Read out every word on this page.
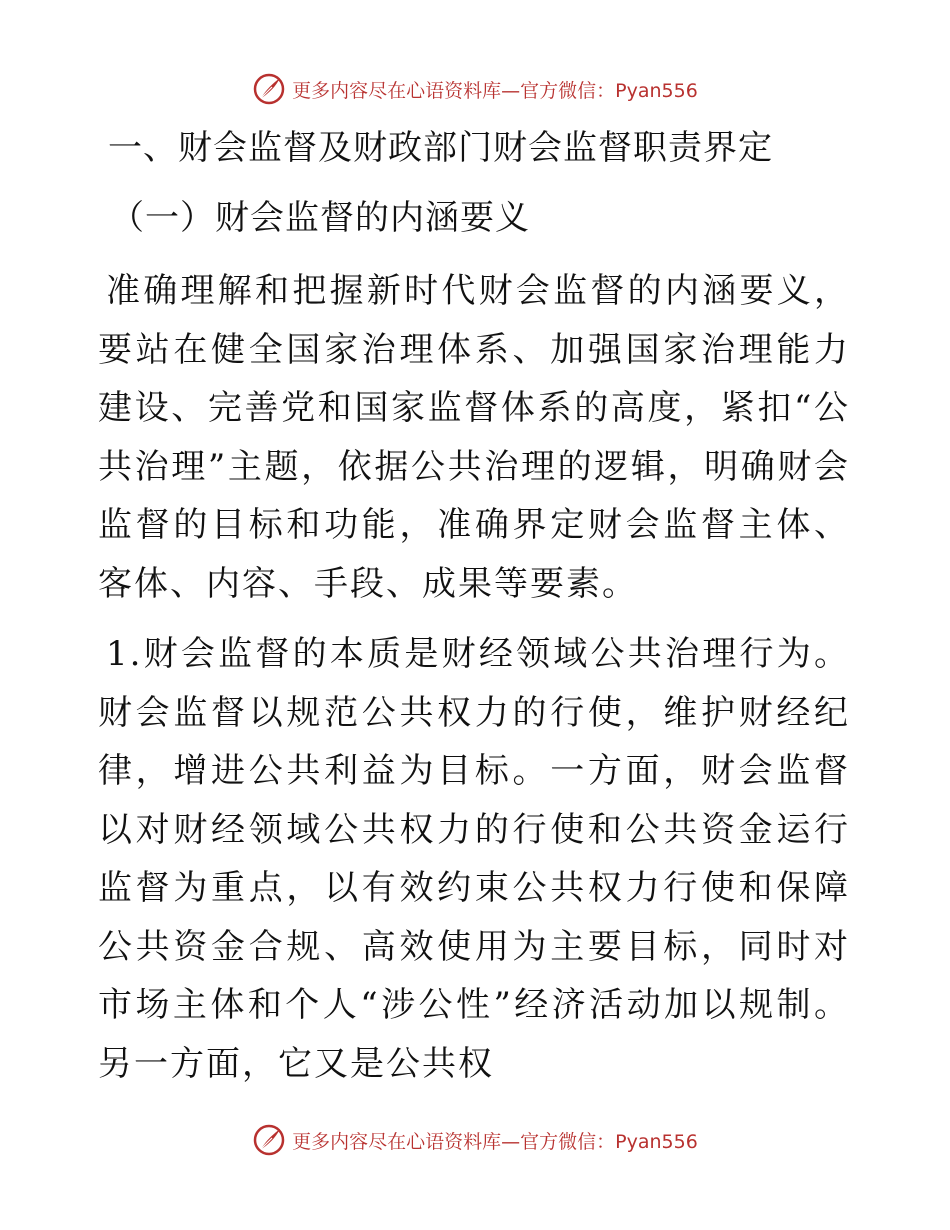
更多内容尽在心语资料库—官方微信：Pyan556
一、财会监督及财政部门财会监督职责界定
（一）财会监督的内涵要义

准确理解和把握新时代财会监督的内涵要义，要站在健全国家治理体系、加强国家治理能力建设、完善党和国家监督体系的高度，紧扣“公共治理”主题，依据公共治理的逻辑，明确财会监督的目标和功能，准确界定财会监督主体、客体、内容、手段、成果等要素。

1.财会监督的本质是财经领域公共治理行为。财会监督以规范公共权力的行使，维护财经纪律，增进公共利益为目标。一方面，财会监督以对财经领域公共权力的行使和公共资金运行监督为重点，以有效约束公共权力行使和保障公共资金合规、高效使用为主要目标，同时对市场主体和个人“涉公性”经济活动加以规制。另一方面，它又是公共权

更多内容尽在心语资料库—官方微信：Pyan556
